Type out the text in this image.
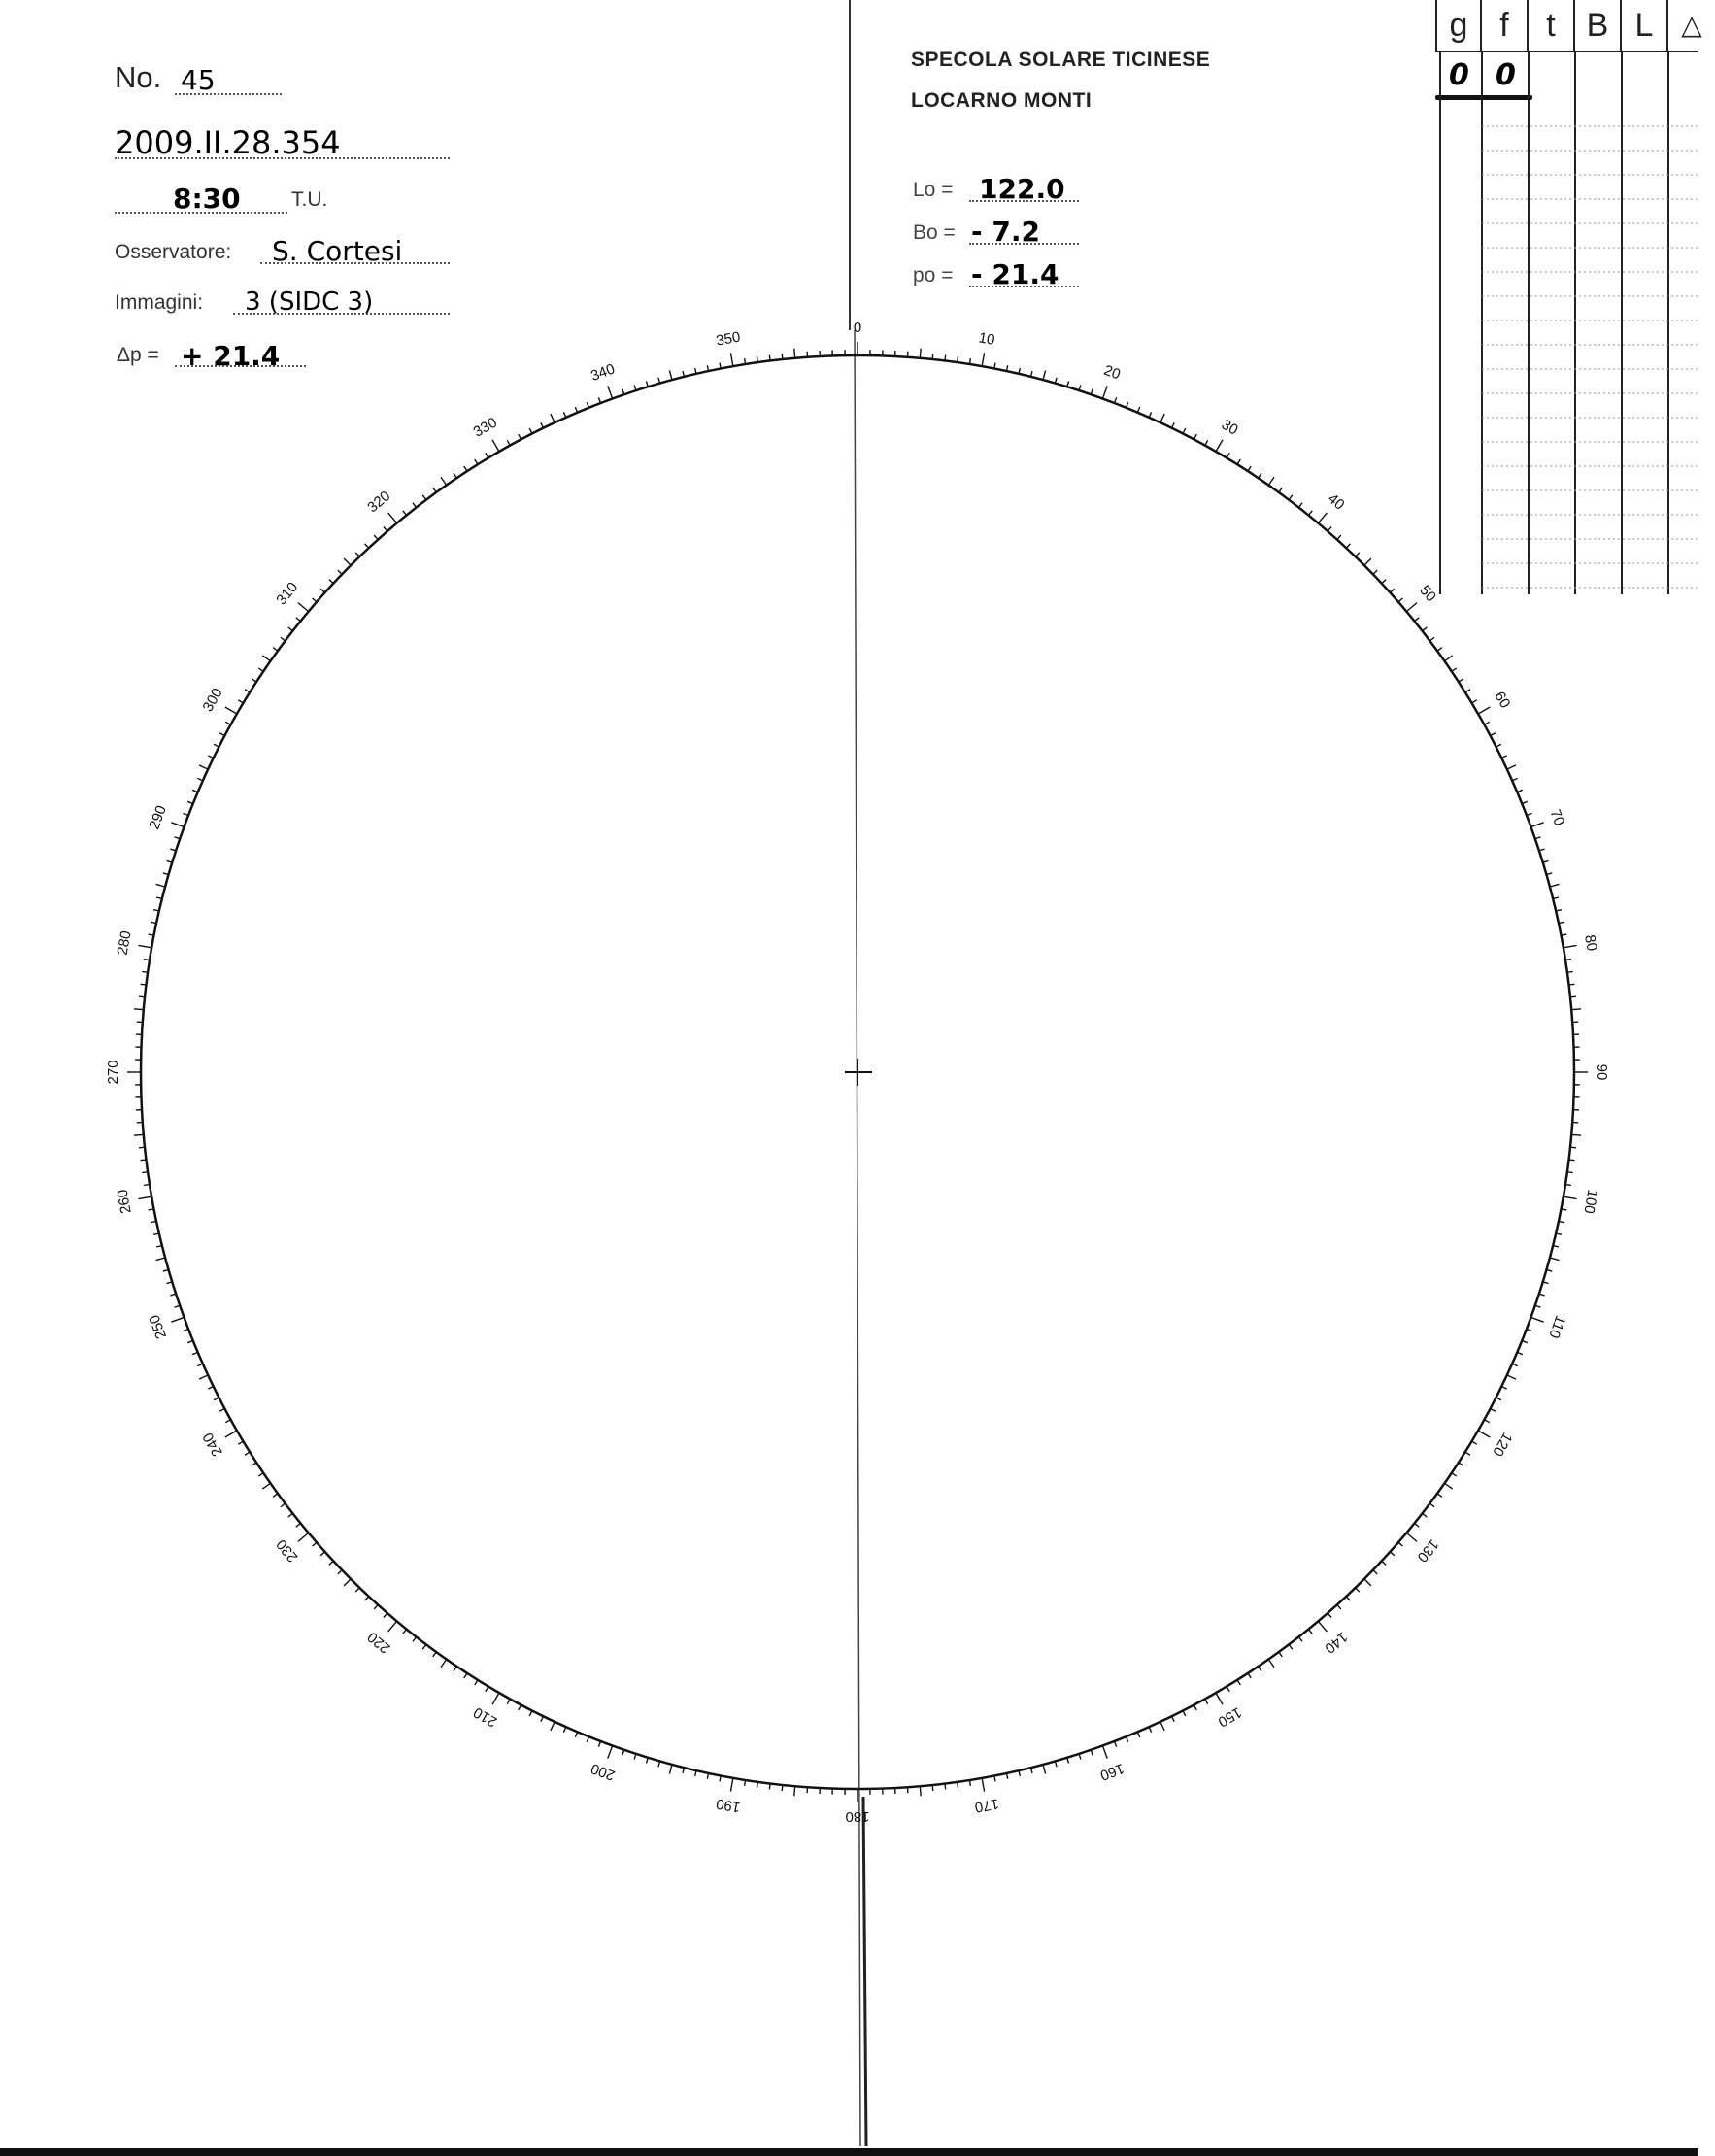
No. 45
2009.II.28.354
8:30 T.U.
Osservatore: S. Cortesi
Immagini: 3 (SIDC 3)
Δp = + 21.4
SPECOLA SOLARE TICINESE
LOCARNO MONTI
Lo = 122.0
Bo = - 7.2
po = - 21.4
g f	t B L	△
0 0
0
10
20
30
40
50
60
70
80
90
100
110
120
130
140
150
160
170
180
190
200
210
220
230
240
250
260
270
280
290
300
310
320
330
340
350
